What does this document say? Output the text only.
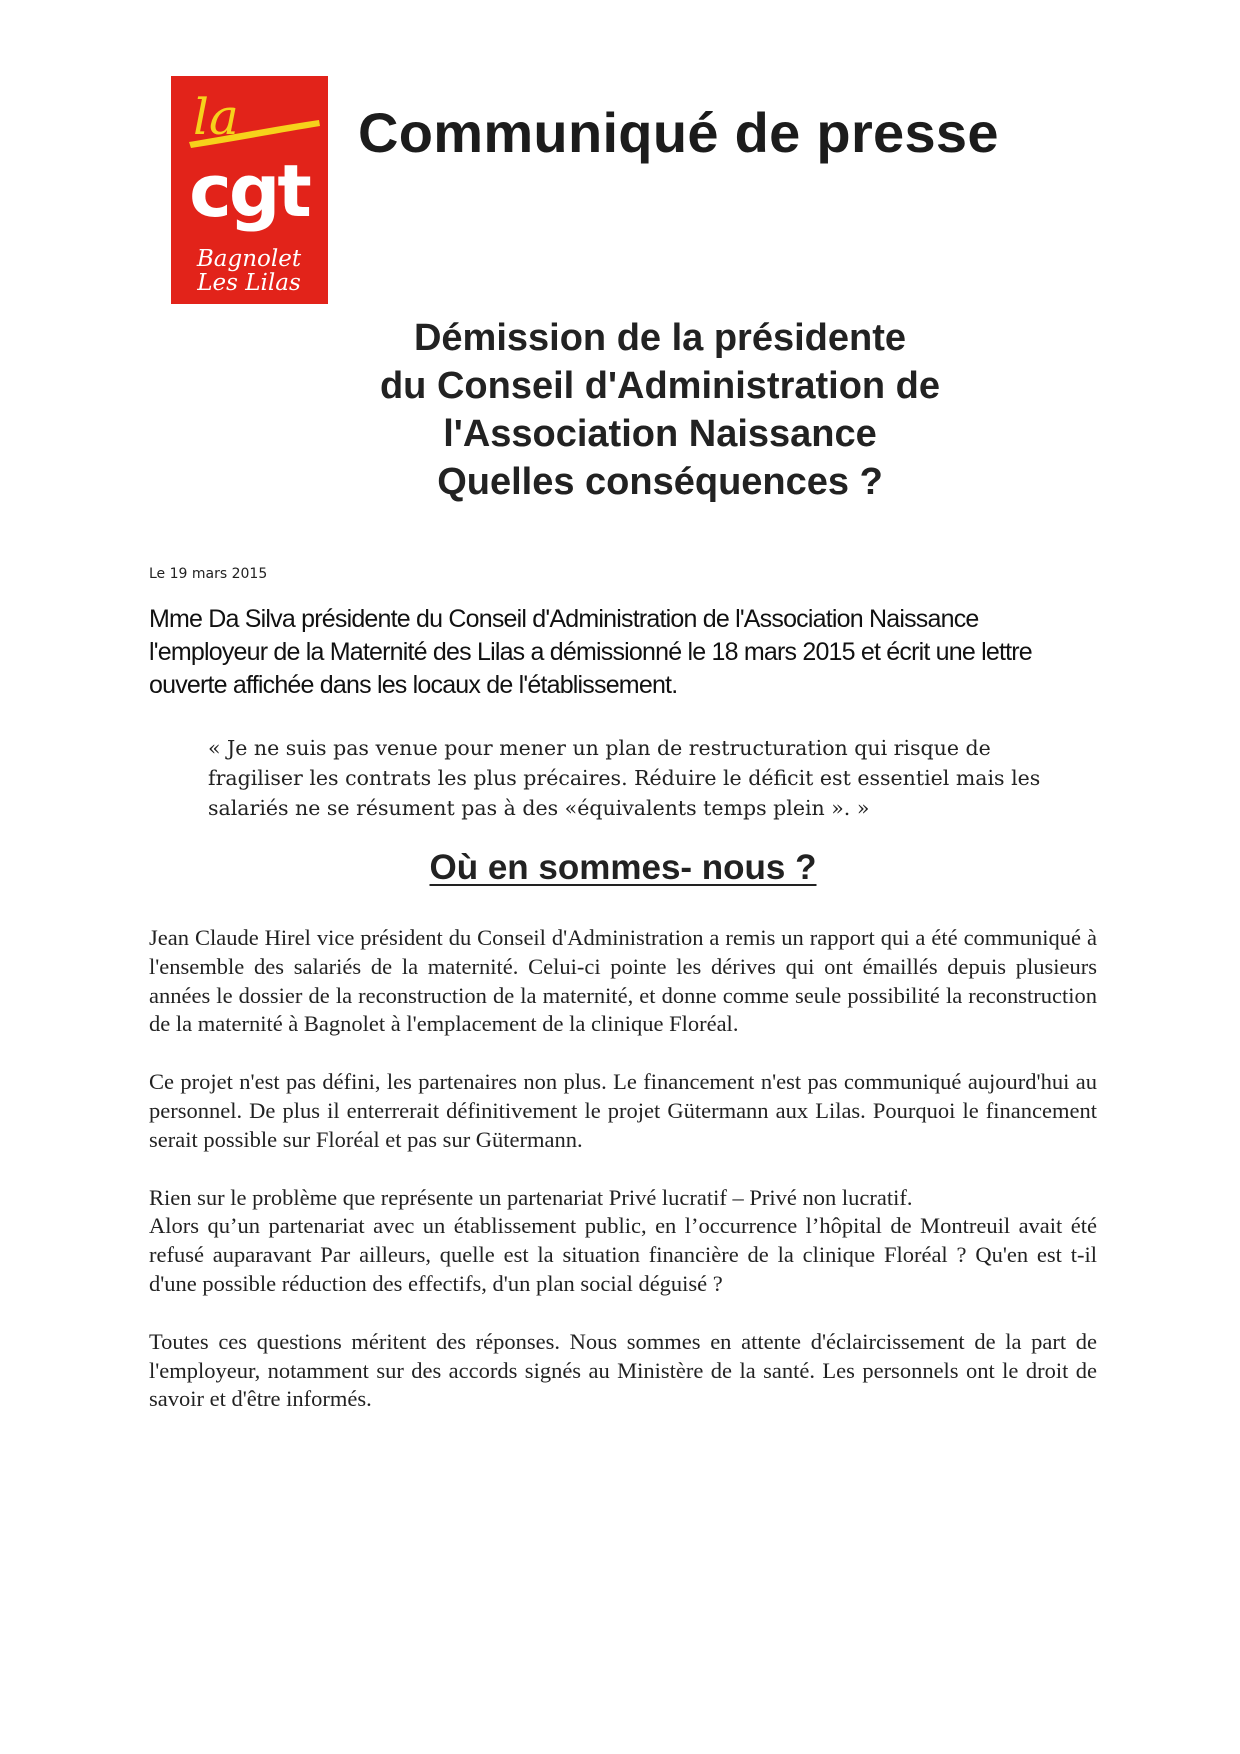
la
cgt
Bagnolet
Les Lilas
Communiqué de presse
Démission de la présidente
du Conseil d'Administration de
l'Association Naissance
Quelles conséquences ?
Le 19 mars 2015
Mme Da Silva présidente du Conseil d'Administration de l'Association Naissance l'employeur de la Maternité des Lilas a démissionné le 18 mars 2015 et écrit une lettre ouverte affichée dans les locaux de l'établissement.
« Je ne suis pas venue pour mener un plan de restructuration qui risque de fragiliser les contrats les plus précaires. Réduire le déficit est essentiel mais les salariés ne se résument pas à des «équivalents temps plein ». »
Où en sommes- nous ?

Jean Claude Hirel vice président du Conseil d'Administration a remis un rapport qui a été communiqué à l'ensemble des salariés de la maternité. Celui-ci pointe les dérives qui ont émaillés depuis plusieurs années le dossier de la reconstruction de la maternité, et donne comme seule possibilité la reconstruction de la maternité à Bagnolet à l'emplacement de la clinique Floréal.

Ce projet n'est pas défini, les partenaires non plus. Le financement n'est pas communiqué aujourd'hui au personnel. De plus il enterrerait définitivement le projet Gütermann aux Lilas. Pourquoi le financement serait possible sur Floréal et pas sur Gütermann.

Rien sur le problème que représente un partenariat Privé lucratif – Privé non lucratif.

Alors qu’un partenariat avec un établissement public, en l’occurrence l’hôpital de Montreuil avait été refusé auparavant Par ailleurs, quelle est la situation financière de la clinique Floréal ? Qu'en est t-il d'une possible réduction des effectifs, d'un plan social déguisé ?

Toutes ces questions méritent des réponses. Nous sommes en attente d'éclaircissement de la part de l'employeur, notamment sur des accords signés au Ministère de la santé. Les personnels ont le droit de savoir et d'être informés.
